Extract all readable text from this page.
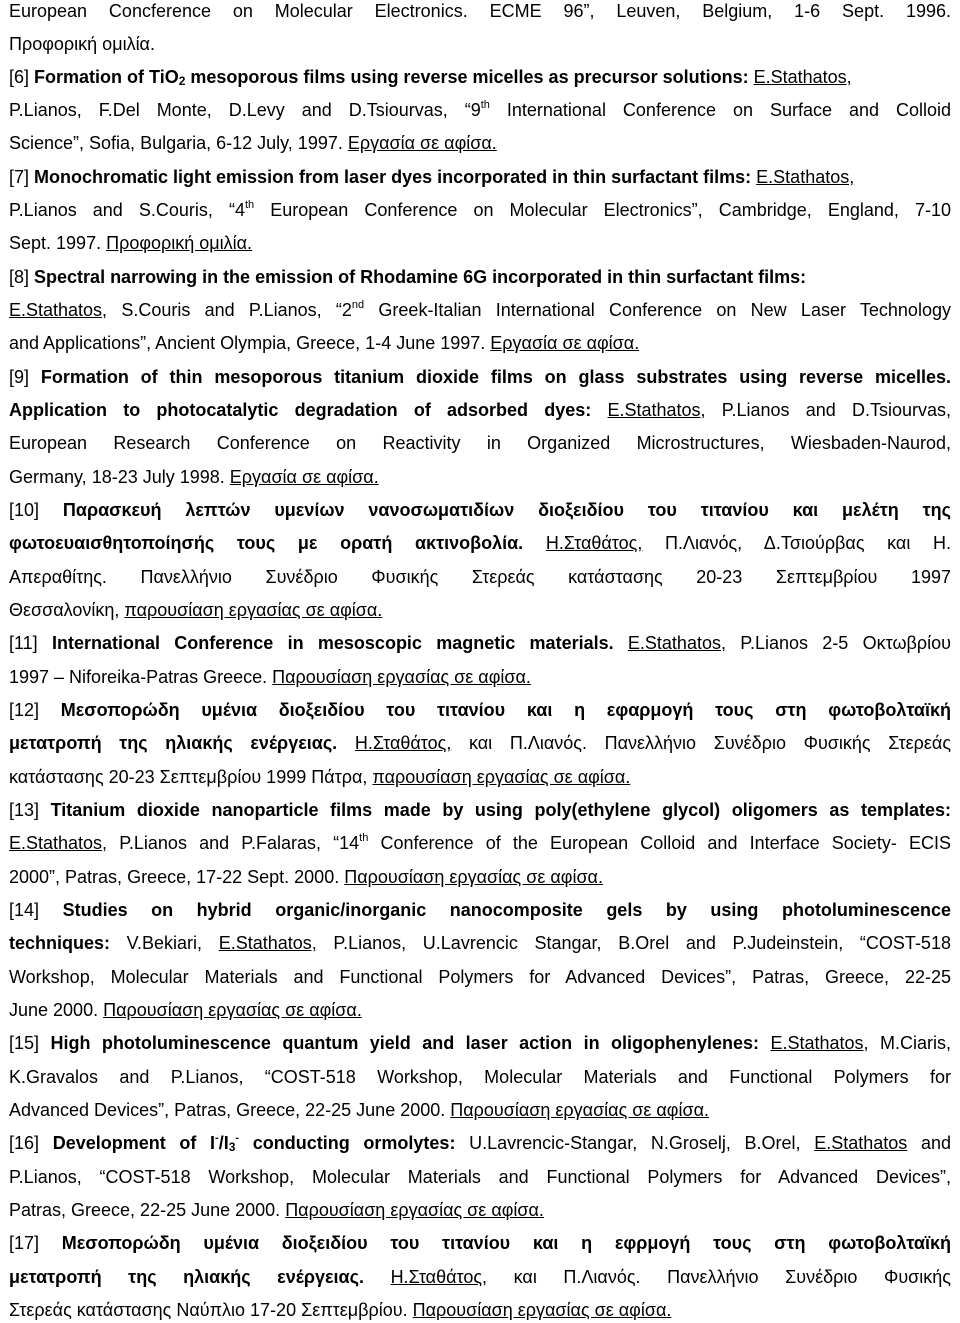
European Concference on Molecular Electronics. ECME 96”, Leuven, Belgium, 1-6 Sept. 1996.
Προφορική ομιλία.
[6] Formation of TiO$_2$ mesoporous films using reverse micelles as precursor solutions: E.Stathatos,
P.Lianos, F.Del Monte, D.Levy and D.Tsiourvas, “9th International Conference on Surface and Colloid
Science”, Sofia, Bulgaria, 6-12 July, 1997. Εργασία σε αφίσα.
[7] Monochromatic light emission from laser dyes incorporated in thin surfactant films: E.Stathatos,
P.Lianos and S.Couris, “4th European Conference on Molecular Electronics”, Cambridge, England, 7-10
Sept. 1997. Προφορική ομιλία.
[8] Spectral narrowing in the emission of Rhodamine 6G incorporated in thin surfactant films:
E.Stathatos, S.Couris and P.Lianos, “2nd Greek-Italian International Conference on New Laser Technology
and Applications”, Ancient Olympia, Greece, 1-4 June 1997. Εργασία σε αφίσα.
[9] Formation of thin mesoporous titanium dioxide films on glass substrates using reverse micelles.
Application to photocatalytic degradation of adsorbed dyes: E.Stathatos, P.Lianos and D.Tsiourvas,
European Research Conference on Reactivity in Organized Microstructures, Wiesbaden-Naurod,
Germany, 18-23 July 1998. Εργασία σε αφίσα.
[10] Παρασκευή λεπτών υμενίων νανοσωματιδίων διοξειδίου του τιτανίου και μελέτη της
φωτοευαισθητοποίησής τους με ορατή ακτινοβολία. Η.Σταθάτος, Π.Λιανός, Δ.Τσιούρβας και Η.
Απεραθίτης. Πανελλήνιο Συνέδριο Φυσικής Στερεάς κατάστασης 20-23 Σεπτεμβρίου 1997
Θεσσαλονίκη, παρουσίαση εργασίας σε αφίσα.
[11] International Conference in mesoscopic magnetic materials. E.Stathatos, P.Lianos 2-5 Οκτωβρίου
1997 – Niforeika-Patras Greece. Παρουσίαση εργασίας σε αφίσα.
[12] Μεσοπορώδη υμένια διοξειδίου του τιτανίου και η εφαρμογή τους στη φωτοβολταϊκή
μετατροπή της ηλιακής ενέργειας. Η.Σταθάτος, και Π.Λιανός. Πανελλήνιο Συνέδριο Φυσικής Στερεάς
κατάστασης 20-23 Σεπτεμβρίου 1999 Πάτρα, παρουσίαση εργασίας σε αφίσα.
[13] Titanium dioxide nanoparticle films made by using poly(ethylene glycol) oligomers as templates:
E.Stathatos, P.Lianos and P.Falaras, “14th Conference of the European Colloid and Interface Society- ECIS
2000”, Patras, Greece, 17-22 Sept. 2000. Παρουσίαση εργασίας σε αφίσα.
[14] Studies on hybrid organic/inorganic nanocomposite gels by using photoluminescence
techniques: V.Bekiari, E.Stathatos, P.Lianos, U.Lavrencic Stangar, B.Orel and P.Judeinstein, “COST-518
Workshop, Molecular Materials and Functional Polymers for Advanced Devices”, Patras, Greece, 22-25
June 2000. Παρουσίαση εργασίας σε αφίσα.
[15] High photoluminescence quantum yield and laser action in oligophenylenes: E.Stathatos, M.Ciaris,
K.Gravalos and P.Lianos, “COST-518 Workshop, Molecular Materials and Functional Polymers for
Advanced Devices”, Patras, Greece, 22-25 June 2000. Παρουσίαση εργασίας σε αφίσα.
[16] Development of $I^-/I_3^-$ conducting ormolytes: U.Lavrencic-Stangar, N.Groselj, B.Orel, E.Stathatos and
P.Lianos, “COST-518 Workshop, Molecular Materials and Functional Polymers for Advanced Devices”,
Patras, Greece, 22-25 June 2000. Παρουσίαση εργασίας σε αφίσα.
[17] Μεσοπορώδη υμένια διοξειδίου του τιτανίου και η εφρμογή τους στη φωτοβολταϊκή
μετατροπή της ηλιακής ενέργειας. Η.Σταθάτος, και Π.Λιανός. Πανελλήνιο Συνέδριο Φυσικής
Στερεάς κατάστασης Ναύπλιο 17-20 Σεπτεμβρίου. Παρουσίαση εργασίας σε αφίσα.
